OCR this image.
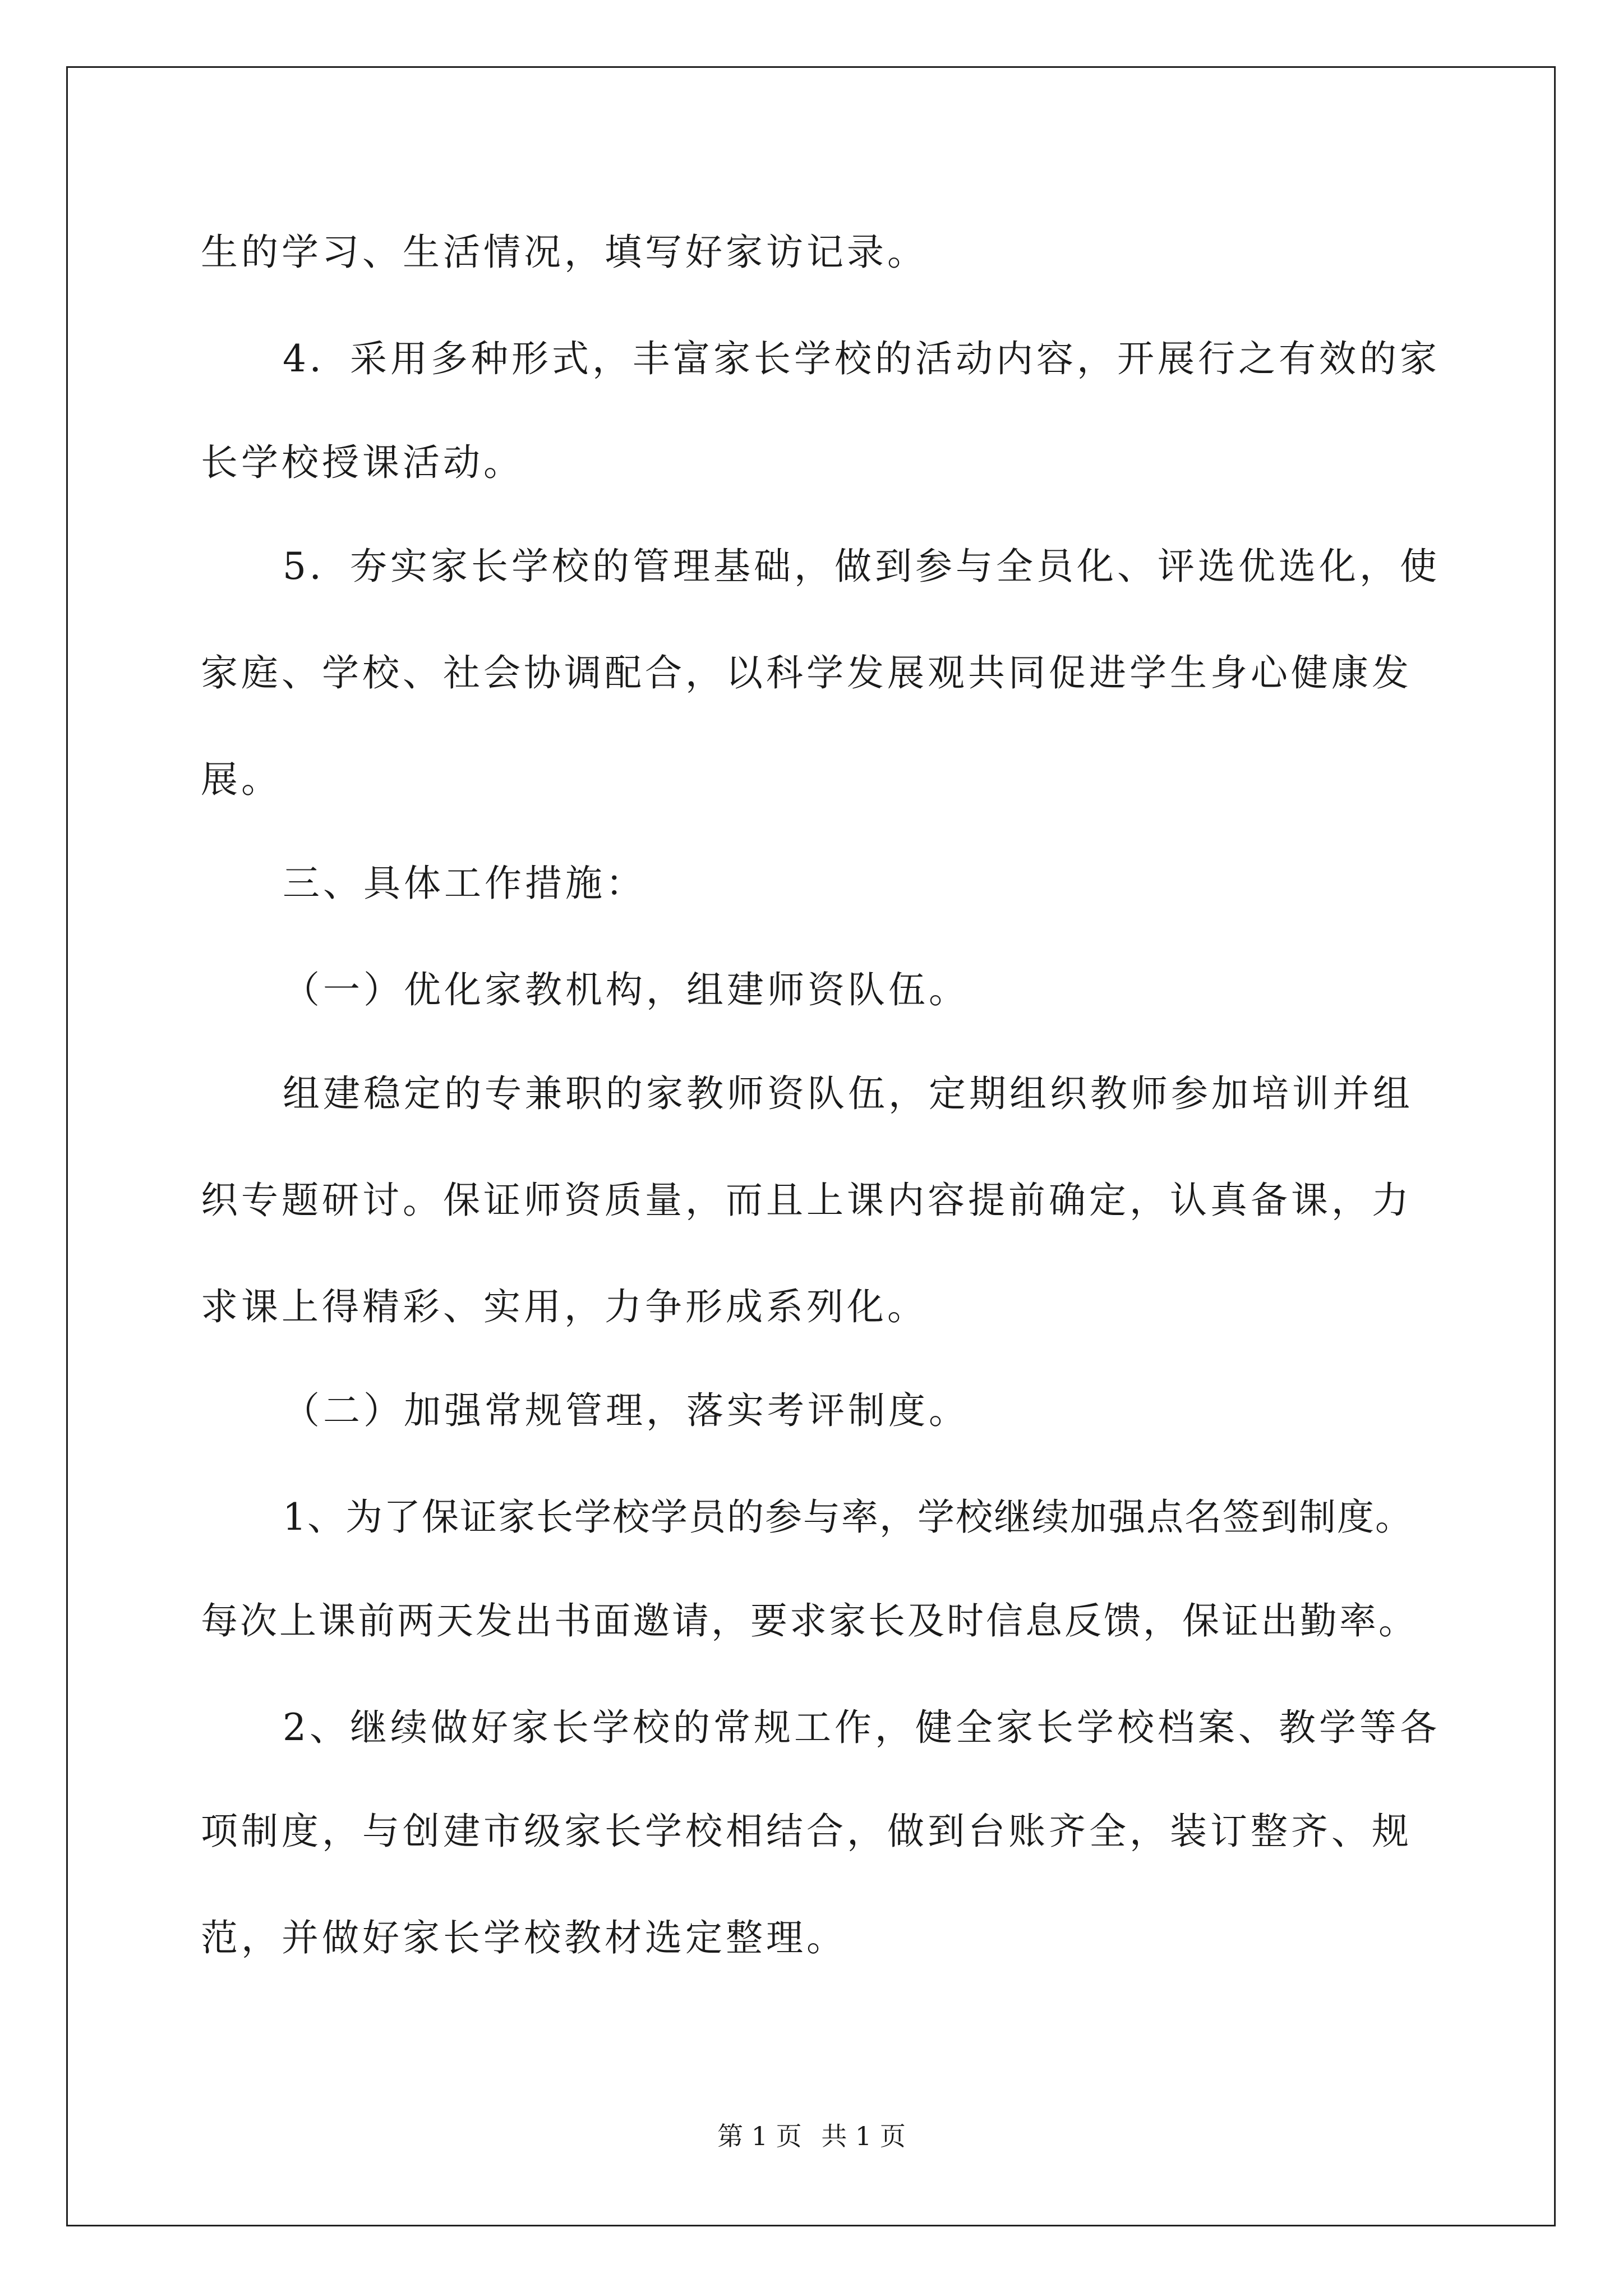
生的学习、生活情况，填写好家访记录。
4．采用多种形式，丰富家长学校的活动内容，开展行之有效的家
长学校授课活动。
5．夯实家长学校的管理基础，做到参与全员化、评选优选化，使
家庭、学校、社会协调配合，以科学发展观共同促进学生身心健康发
展。
三、具体工作措施：
（一）优化家教机构，组建师资队伍。
组建稳定的专兼职的家教师资队伍，定期组织教师参加培训并组
织专题研讨。保证师资质量，而且上课内容提前确定，认真备课，力
求课上得精彩、实用，力争形成系列化。
（二）加强常规管理，落实考评制度。
1、为了保证家长学校学员的参与率，学校继续加强点名签到制度。
每次上课前两天发出书面邀请，要求家长及时信息反馈，保证出勤率。
2、继续做好家长学校的常规工作，健全家长学校档案、教学等各
项制度，与创建市级家长学校相结合，做到台账齐全，装订整齐、规
范，并做好家长学校教材选定整理。
第 1 页 共 1 页
